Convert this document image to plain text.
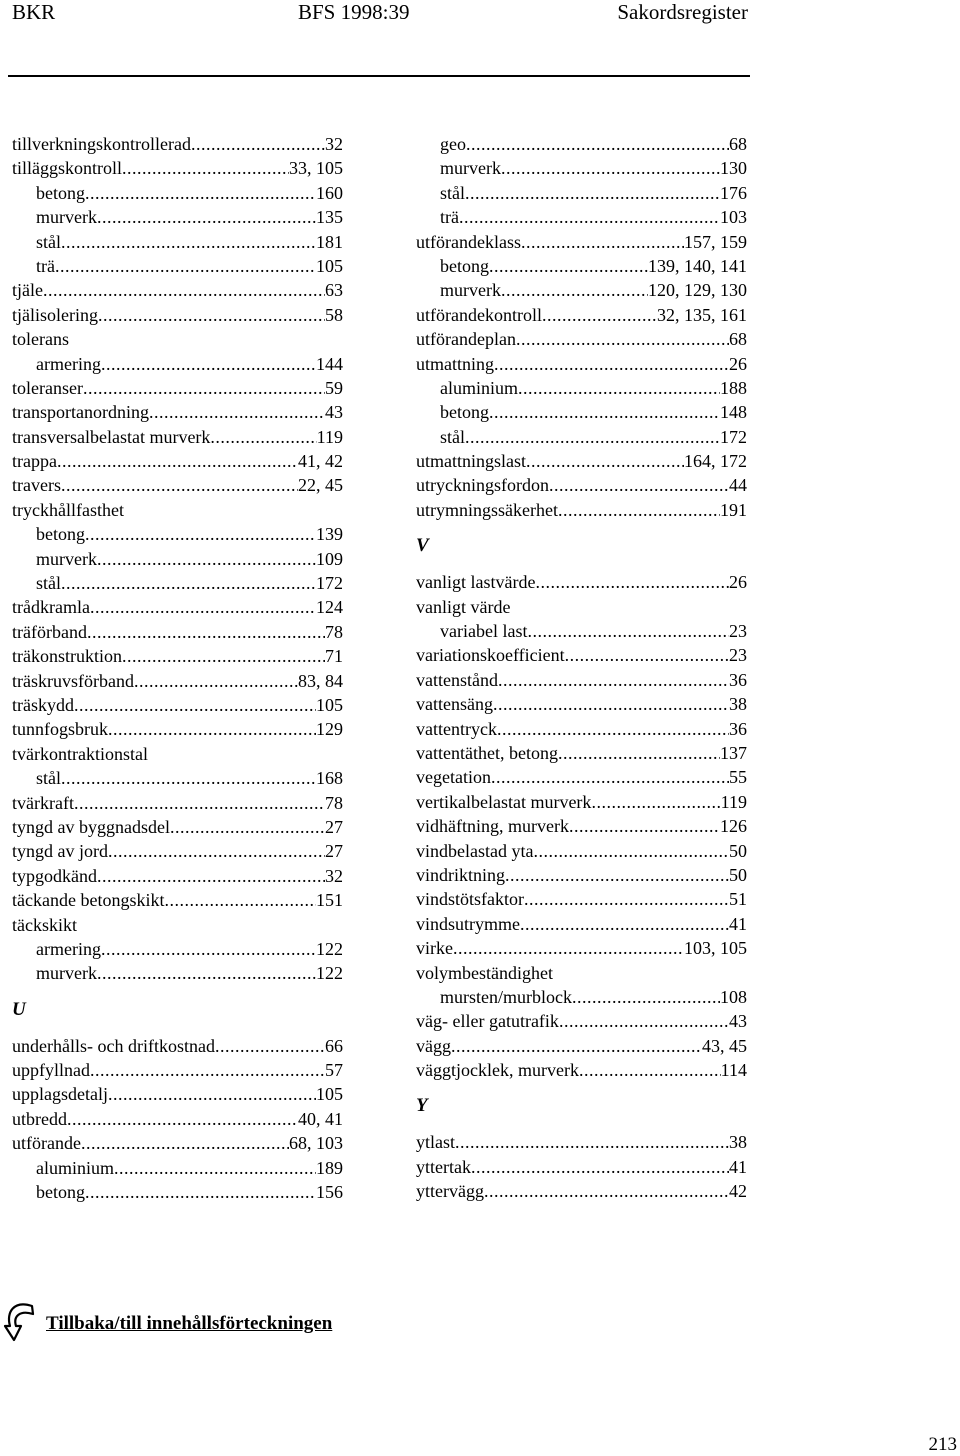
BKR	BFS 1998:39	Sakordsregister
tillverkningskontrollerad .....	32
tilläggskontroll .....	33, 105
betong .....	160
murverk .....	135
stål .....	181
trä .....	105
tjäle .....	63
tjälisolering .....	58
tolerans
armering .....	144
toleranser .....	59
transportanordning .....	43
transversalbelastat murverk .....	119
trappa .....	41, 42
travers .....	22, 45
tryckhållfasthet
betong .....	139
murverk .....	109
stål .....	172
trådkramla .....	124
träförband .....	78
träkonstruktion .....	71
träskruvsförband .....	83, 84
träskydd .....	105
tunnfogsbruk .....	129
tvärkontraktionstal
stål .....	168
tvärkraft .....	78
tyngd av byggnadsdel .....	27
tyngd av jord .....	27
typgodkänd .....	32
täckande betongskikt .....	151
täckskikt
armering .....	122
murverk .....	122
U
underhålls- och driftkostnad .....	66
uppfyllnad .....	57
upplagsdetalj .....	105
utbredd .....	40, 41
utförande .....	68, 103
aluminium .....	189
betong .....	156
geo .....	68
murverk .....	130
stål .....	176
trä .....	103
utförandeklass .....	157, 159
betong .....	139, 140, 141
murverk .....	120, 129, 130
utförandekontroll .....	32, 135, 161
utförandeplan .....	68
utmattning .....	26
aluminium .....	188
betong .....	148
stål .....	172
utmattningslast .....	164, 172
utryckningsfordon .....	44
utrymningssäkerhet .....	191
V
vanligt lastvärde .....	26
vanligt värde
variabel last .....	23
variationskoefficient .....	23
vattenstånd .....	36
vattensäng .....	38
vattentryck .....	36
vattentäthet, betong .....	137
vegetation .....	55
vertikalbelastat murverk .....	119
vidhäftning, murverk .....	126
vindbelastad yta .....	50
vindriktning .....	50
vindstötsfaktor .....	51
vindsutrymme .....	41
virke .....	103, 105
volymbeständighet
mursten/murblock .....	108
väg- eller gatutrafik .....	43
vägg .....	43, 45
väggtjocklek, murverk .....	114
Y
ytlast .....	38
yttertak .....	41
yttervägg .....	42
Tillbaka/till innehållsförteckningen
213
